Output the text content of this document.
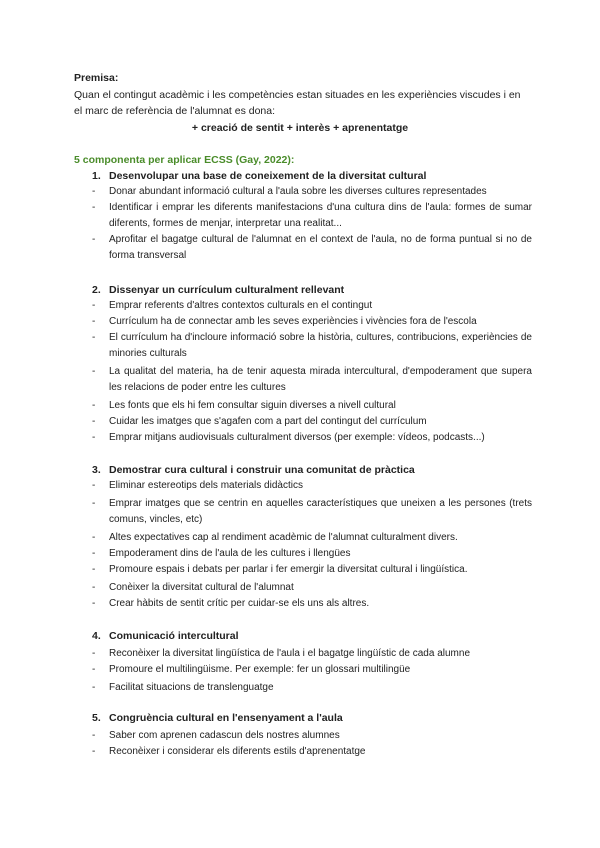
Premisa:
Quan el contingut acadèmic i les competències estan situades en les experiències viscudes i en
el marc de referència de l'alumnat es dona:
+ creació de sentit + interès + aprenentatge
5 componenta per aplicar ECSS (Gay, 2022):
1. Desenvolupar una base de coneixement de la diversitat cultural
-	Donar abundant informació cultural a l'aula sobre les diverses cultures representades
-	Identificar i emprar les diferents manifestacions d'una cultura dins de l'aula: formes de sumar diferents, formes de menjar, interpretar una realitat...
-	Aprofitar el bagatge cultural de l'alumnat en el context de l'aula, no de forma puntual si no de forma transversal
2. Dissenyar un currículum culturalment rellevant
-	Emprar referents d'altres contextos culturals en el contingut
-	Currículum ha de connectar amb les seves experiències i vivències fora de l'escola
-	El currículum ha d'incloure informació sobre la història, cultures, contribucions, experiències de minories culturals
-	La qualitat del materia, ha de tenir aquesta mirada intercultural, d'empoderament que supera les relacions de poder entre les cultures
-	Les fonts que els hi fem consultar siguin diverses a nivell cultural
-	Cuidar les imatges que s'agafen com a part del contingut del currículum
-	Emprar mitjans audiovisuals culturalment diversos (per exemple: vídeos, podcasts...)
3. Demostrar cura cultural i construir una comunitat de pràctica
-	Eliminar estereotips dels materials didàctics
-	Emprar imatges que se centrin en aquelles característiques que uneixen a les persones (trets comuns, vincles, etc)
-	Altes expectatives cap al rendiment acadèmic de l'alumnat culturalment divers.
-	Empoderament dins de l'aula de les cultures i llengües
-	Promoure espais i debats per parlar i fer emergir la diversitat cultural i lingüística.
-	Conèixer la diversitat cultural de l'alumnat
-	Crear hàbits de sentit crític per cuidar-se els uns als altres.
4. Comunicació intercultural
-	Reconèixer la diversitat lingüística de l'aula i el bagatge lingüístic de cada alumne
-	Promoure el multilingüisme. Per exemple: fer un glossari multilingüe
-	Facilitat situacions de translenguatge
5. Congruència cultural en l'ensenyament a l'aula
-	Saber com aprenen cadascun dels nostres alumnes
-	Reconèixer i considerar els diferents estils d'aprenentatge
